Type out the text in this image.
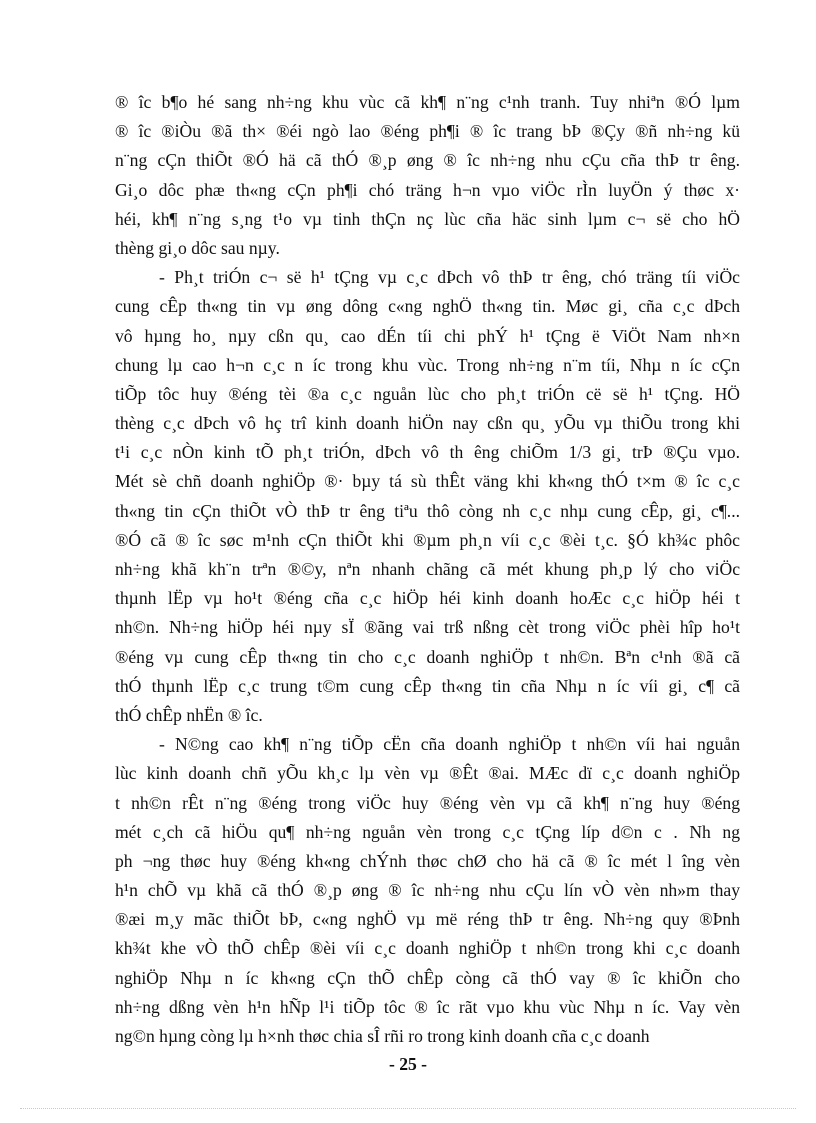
® îc b¶o hé sang nh÷ng khu vùc cã kh¶ n¨ng c¹nh tranh. Tuy nhiªn ®Ó lµm
® îc ®iÒu ®ã th× ®éi ngò lao ®éng ph¶i ® îc trang bÞ ®Çy ®ñ nh÷ng kü
n¨ng cÇn thiÕt ®Ó hä cã thÓ ®¸p øng ® îc nh÷ng nhu cÇu cña thÞ tr êng.
Gi¸o dôc phæ th«ng cÇn ph¶i chó träng h¬n vµo viÖc rÌn luyÖn ý thøc x·
héi, kh¶ n¨ng s¸ng t¹o vµ tinh thÇn nç lùc cña häc sinh lµm c¬ së cho hÖ
thèng gi¸o dôc sau nµy.
- Ph¸t triÓn c¬ së h¹ tÇng vµ c¸c dÞch vô thÞ tr êng, chó träng tíi viÖc
cung cÊp th«ng tin vµ øng dông c«ng nghÖ th«ng tin. Møc gi¸ cña c¸c dÞch
vô hµng ho¸ nµy cßn qu¸ cao dÉn tíi chi phÝ h¹ tÇng ë ViÖt Nam nh×n
chung lµ cao h¬n c¸c n íc trong khu vùc. Trong nh÷ng n¨m tíi, Nhµ n íc cÇn
tiÕp tôc huy ®éng tèi ®a c¸c nguån lùc cho ph¸t triÓn cë së h¹ tÇng. HÖ
thèng c¸c dÞch vô hç trî kinh doanh hiÖn nay cßn qu¸ yÕu vµ thiÕu trong khi
t¹i c¸c nÒn kinh tÕ ph¸t triÓn, dÞch vô th êng chiÕm 1/3 gi¸ trÞ ®Çu vµo.
Mét sè chñ doanh nghiÖp ®· bµy tá sù thÊt väng khi kh«ng thÓ t×m ® îc c¸c
th«ng tin cÇn thiÕt vÒ thÞ tr êng tiªu thô còng nh c¸c nhµ cung cÊp, gi¸ c¶...
®Ó cã ® îc søc m¹nh cÇn thiÕt khi ®µm ph¸n víi c¸c ®èi t¸c. §Ó kh¾c phôc
nh÷ng khã kh¨n trªn ®©y, nªn nhanh chãng cã mét khung ph¸p lý cho viÖc
thµnh lËp vµ ho¹t ®éng cña c¸c hiÖp héi kinh doanh hoÆc c¸c hiÖp héi t
nh©n. Nh÷ng hiÖp héi nµy sÏ ®ãng vai trß nßng cèt trong viÖc phèi hîp ho¹t
®éng vµ cung cÊp th«ng tin cho c¸c doanh nghiÖp t nh©n. Bªn c¹nh ®ã cã
thÓ thµnh lËp c¸c trung t©m cung cÊp th«ng tin cña Nhµ n íc víi gi¸ c¶ cã
thÓ chÊp nhËn ® îc.
- N©ng cao kh¶ n¨ng tiÕp cËn cña doanh nghiÖp t nh©n víi hai nguån
lùc kinh doanh chñ yÕu kh¸c lµ vèn vµ ®Êt ®ai. MÆc dï c¸c doanh nghiÖp
t nh©n rÊt n¨ng ®éng trong viÖc huy ®éng vèn vµ cã kh¶ n¨ng huy ®éng
mét c¸ch cã hiÖu qu¶ nh÷ng nguån vèn trong c¸c tÇng líp d©n c . Nh ng
ph ¬ng thøc huy ®éng kh«ng chÝnh thøc chØ cho hä cã ® îc mét l îng vèn
h¹n chÕ vµ khã cã thÓ ®¸p øng ® îc nh÷ng nhu cÇu lín vÒ vèn nh»m thay
®æi m¸y mãc thiÕt bÞ, c«ng nghÖ vµ më réng thÞ tr êng. Nh÷ng quy ®Þnh
kh¾t khe vÒ thÕ chÊp ®èi víi c¸c doanh nghiÖp t nh©n trong khi c¸c doanh
nghiÖp Nhµ n íc kh«ng cÇn thÕ chÊp còng cã thÓ vay ® îc khiÕn cho
nh÷ng dßng vèn h¹n hÑp l¹i tiÕp tôc ® îc rãt vµo khu vùc Nhµ n íc. Vay vèn
ng©n hµng còng lµ h×nh thøc chia sÎ rñi ro trong kinh doanh cña c¸c doanh
- 25 -
